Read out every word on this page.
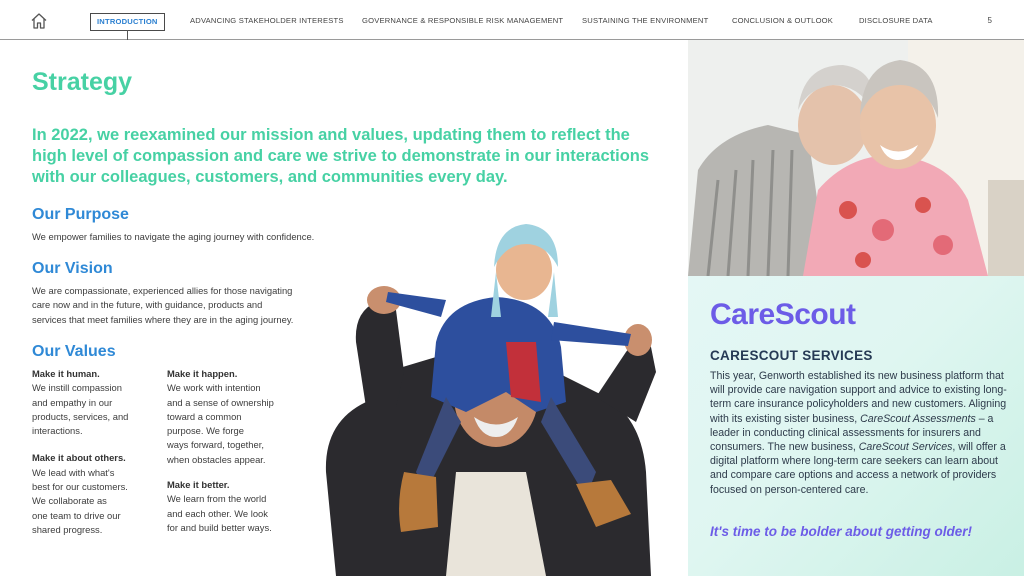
INTRODUCTION	ADVANCING STAKEHOLDER INTERESTS GOVERNANCE & RESPONSIBLE RISK MANAGEMENT SUSTAINING THE ENVIRONMENT	CONCLUSION & OUTLOOK	DISCLOSURE DATA	5
Strategy
In 2022, we reexamined our mission and values, updating them to reflect the high level of compassion and care we strive to demonstrate in our interactions with our colleagues, customers, and communities every day.
Our Purpose
We empower families to navigate the aging journey with confidence.
Our Vision
We are compassionate, experienced allies for those navigating
care now and in the future, with guidance, products and
services that meet families where they are in the aging journey.
Our Values
Make it human.
We instill compassion
and empathy in our
products, services, and
interactions.
Make it about others.
We lead with what's
best for our customers.
We collaborate as
one team to drive our
shared progress.
Make it happen.
We work with intention
and a sense of ownership
toward a common
purpose. We forge
ways forward, together,
when obstacles appear.
Make it better.
We learn from the world
and each other. We look
for and build better ways.
CareScout
CARESCOUT SERVICES
This year, Genworth established its new business platform that will provide care navigation support and advice to existing long-term care insurance policyholders and new customers. Aligning with its existing sister business, CareScout Assessments – a leader in conducting clinical assessments for insurers and consumers. The new business, CareScout Services, will offer a digital platform where long-term care seekers can learn about and compare care options and access a network of providers focused on person-centered care.
It's time to be bolder about getting older!
